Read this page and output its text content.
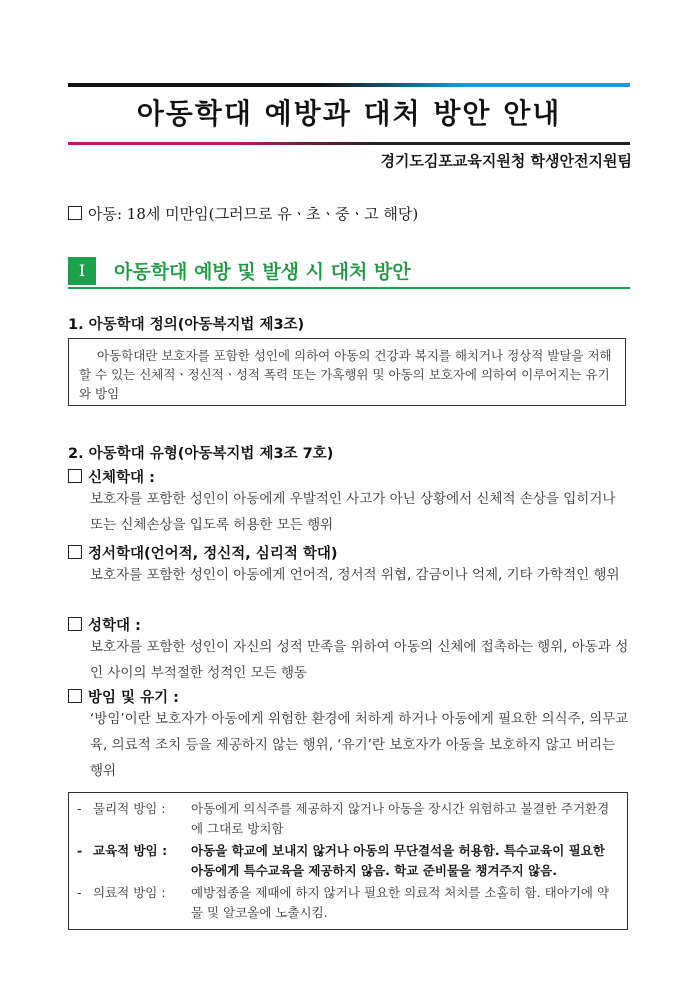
아동학대 예방과 대처 방안 안내
경기도김포교육지원청 학생안전지원팀
아동: 18세 미만임(그러므로 유ㆍ초ㆍ중ㆍ고 해당)
Ⅰ	아동학대 예방 및 발생 시 대처 방안
1. 아동학대 정의(아동복지법 제3조)
아동학대란 보호자를 포함한 성인에 의하여 아동의 건강과 복지를 해치거나 정상적 발달을 저해할 수 있는 신체적ㆍ정신적ㆍ성적 폭력 또는 가혹행위 및 아동의 보호자에 의하여 이루어지는 유기와 방임
2. 아동학대 유형(아동복지법 제3조 7호)
신체학대 :
보호자를 포함한 성인이 아동에게 우발적인 사고가 아닌 상황에서 신체적 손상을 입히거나 또는 신체손상을 입도록 허용한 모든 행위
정서학대(언어적, 정신적, 심리적 학대)
보호자를 포함한 성인이 아동에게 언어적, 정서적 위협, 감금이나 억제, 기타 가학적인 행위
성학대 :
보호자를 포함한 성인이 자신의 성적 만족을 위하여 아동의 신체에 접촉하는 행위, 아동과 성인 사이의 부적절한 성적인 모든 행동
방임 및 유기 :
‘방임’이란 보호자가 아동에게 위험한 환경에 처하게 하거나 아동에게 필요한 의식주, 의무교육, 의료적 조치 등을 제공하지 않는 행위, ‘유기’란 보호자가 아동을 보호하지 않고 버리는 행위
- 물리적 방임 :	아동에게 의식주를 제공하지 않거나 아동을 장시간 위험하고 불결한 주거환경에 그대로 방치함
- 교육적 방임 :	아동을 학교에 보내지 않거나 아동의 무단결석을 허용함. 특수교육이 필요한 아동에게 특수교육을 제공하지 않음. 학교 준비물을 챙겨주지 않음.
- 의료적 방임 :	예방접종을 제때에 하지 않거나 필요한 의료적 처치를 소홀히 함. 태아기에 약물 및 알코올에 노출시킴.
